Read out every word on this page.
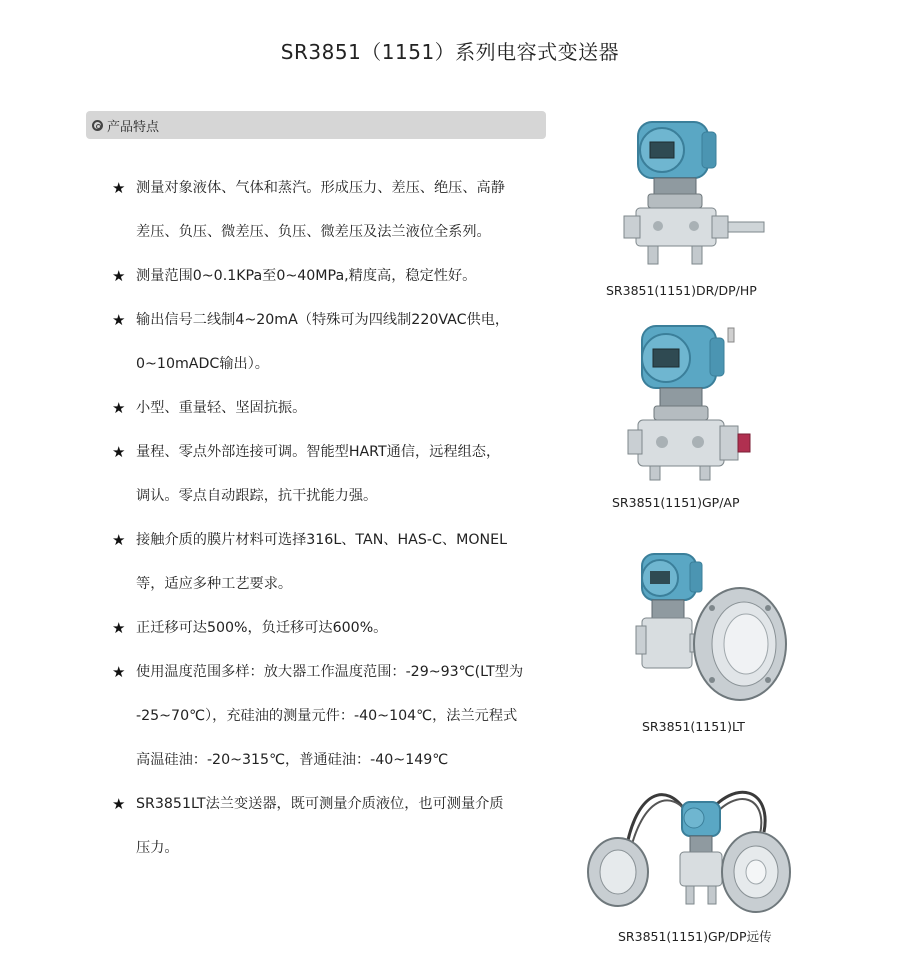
SR3851（1151）系列电容式变送器
产品特点
★ 测量对象液体、气体和蒸汽。形成压力、差压、绝压、高静
差压、负压、微差压、负压、微差压及法兰液位全系列。
★ 测量范围0~0.1KPa至0~40MPa,精度高，稳定性好。
★ 输出信号二线制4~20mA（特殊可为四线制220VAC供电，
0~10mADC输出）。
★ 小型、重量轻、坚固抗振。
★ 量程、零点外部连接可调。智能型HART通信，远程组态，
调认。零点自动跟踪，抗干扰能力强。
★ 接触介质的膜片材料可选择316L、TAN、HAS-C、MONEL
等，适应多种工艺要求。
★ 正迁移可达500%，负迁移可达600%。
★ 使用温度范围多样：放大器工作温度范围：-29~93℃(LT型为
-25~70℃），充硅油的测量元件：-40~104℃，法兰元程式
高温硅油：-20~315℃，普通硅油：-40~149℃
★ SR3851LT法兰变送器，既可测量介质液位，也可测量介质
压力。
SR3851(1151)DR/DP/HP
SR3851(1151)GP/AP
SR3851(1151)LT
SR3851(1151)GP/DP远传
